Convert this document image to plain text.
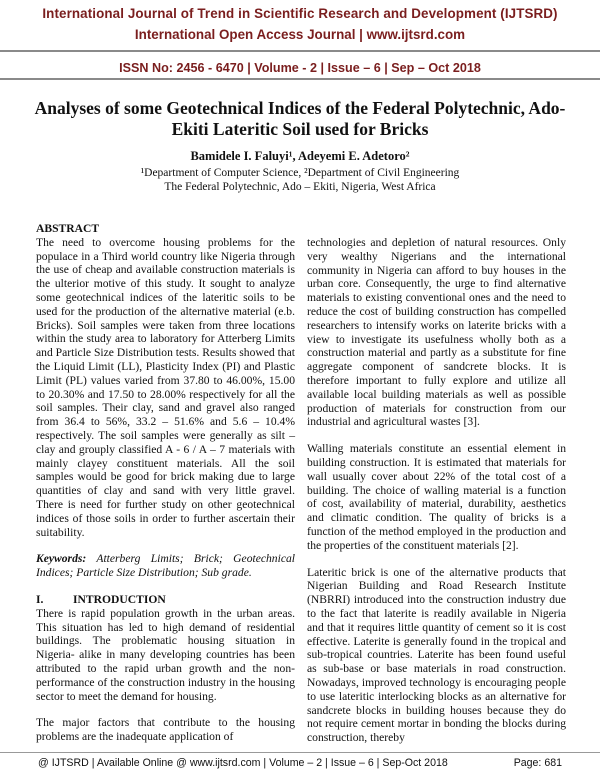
International Journal of Trend in Scientific Research and Development (IJTSRD)
International Open Access Journal | www.ijtsrd.com
ISSN No: 2456 - 6470 | Volume - 2 | Issue – 6 | Sep – Oct 2018
Analyses of some Geotechnical Indices of the Federal Polytechnic, Ado-Ekiti Lateritic Soil used for Bricks
Bamidele I. Faluyi¹, Adeyemi E. Adetoro²
¹Department of Computer Science, ²Department of Civil Engineering
The Federal Polytechnic, Ado – Ekiti, Nigeria, West Africa
ABSTRACT

The need to overcome housing problems for the populace in a Third world country like Nigeria through the use of cheap and available construction materials is the ulterior motive of this study. It sought to analyze some geotechnical indices of the lateritic soils to be used for the production of the alternative material (e.b. Bricks). Soil samples were taken from three locations within the study area to laboratory for Atterberg Limits and Particle Size Distribution tests. Results showed that the Liquid Limit (LL), Plasticity Index (PI) and Plastic Limit (PL) values varied from 37.80 to 46.00%, 15.00 to 20.30% and 17.50 to 28.00% respectively for all the soil samples. Their clay, sand and gravel also ranged from 36.4 to 56%, 33.2 – 51.6% and 5.6 – 10.4% respectively. The soil samples were generally as silt – clay and grouply classified A - 6 / A – 7 materials with mainly clayey constituent materials. All the soil samples would be good for brick making due to large quantities of clay and sand with very little gravel. There is need for further study on other geotechnical indices of those soils in order to further ascertain their suitability.

Keywords: Atterberg Limits; Brick; Geotechnical Indices; Particle Size Distribution; Sub grade.

I.	INTRODUCTION

There is rapid population growth in the urban areas. This situation has led to high demand of residential buildings. The problematic housing situation in Nigeria- alike in many developing countries has been attributed to the rapid urban growth and the non-performance of the construction industry in the housing sector to meet the demand for housing.

The major factors that contribute to the housing problems are the inadequate application of

technologies and depletion of natural resources. Only very wealthy Nigerians and the international community in Nigeria can afford to buy houses in the urban core. Consequently, the urge to find alternative materials to existing conventional ones and the need to reduce the cost of building construction has compelled researchers to intensify works on laterite bricks with a view to investigate its usefulness wholly both as a construction material and partly as a substitute for fine aggregate component of sandcrete blocks. It is therefore important to fully explore and utilize all available local building materials as well as possible production of materials for construction from our industrial and agricultural wastes [3].

Walling materials constitute an essential element in building construction. It is estimated that materials for wall usually cover about 22% of the total cost of a building. The choice of walling material is a function of cost, availability of material, durability, aesthetics and climatic condition. The quality of bricks is a function of the method employed in the production and the properties of the constituent materials [2].

Lateritic brick is one of the alternative products that Nigerian Building and Road Research Institute (NBRRI) introduced into the construction industry due to the fact that laterite is readily available in Nigeria and that it requires little quantity of cement so it is cost effective. Laterite is generally found in the tropical and sub-tropical countries. Laterite has been found useful as sub-base or base materials in road construction. Nowadays, improved technology is encouraging people to use lateritic interlocking blocks as an alternative for sandcrete blocks in building houses because they do not require cement mortar in bonding the blocks during construction, thereby

@ IJTSRD | Available Online @ www.ijtsrd.com | Volume – 2 | Issue – 6 | Sep-Oct 2018	Page: 681
